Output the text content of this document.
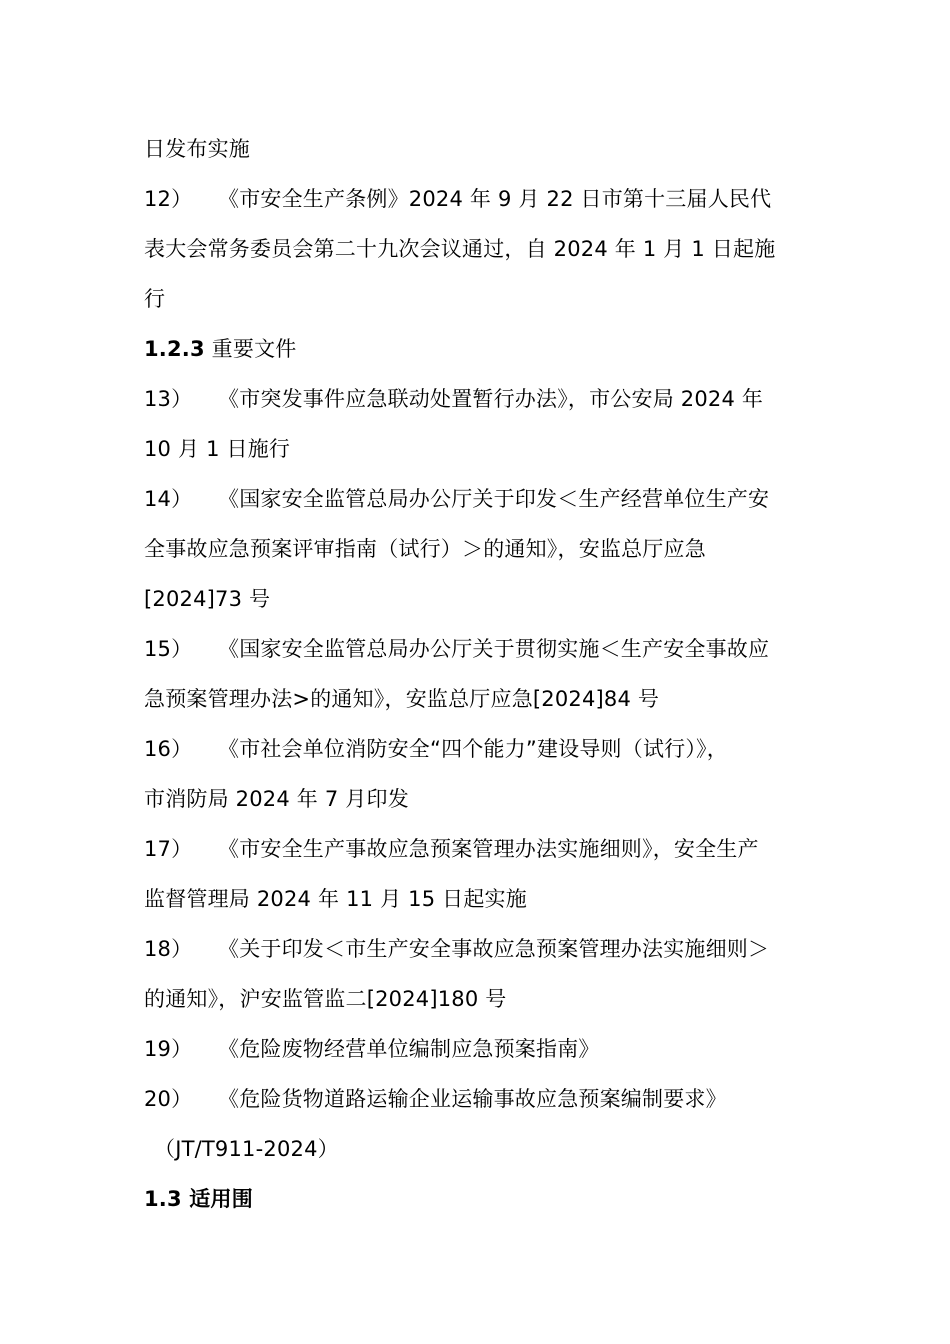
日发布实施
12） 《市安全生产条例》2024 年 9 月 22 日市第十三届人民代
表大会常务委员会第二十九次会议通过，自 2024 年 1 月 1 日起施
行
1.2.3 重要文件
13） 《市突发事件应急联动处置暂行办法》，市公安局 2024 年
10 月 1 日施行
14） 《国家安全监管总局办公厅关于印发＜生产经营单位生产安
全事故应急预案评审指南（试行）＞的通知》，安监总厅应急
[2024]73 号
15） 《国家安全监管总局办公厅关于贯彻实施＜生产安全事故应
急预案管理办法>的通知》，安监总厅应急[2024]84 号
16） 《市社会单位消防安全“四个能力”建设导则（试行）》，
市消防局 2024 年 7 月印发
17） 《市安全生产事故应急预案管理办法实施细则》，安全生产
监督管理局 2024 年 11 月 15 日起实施
18） 《关于印发＜市生产安全事故应急预案管理办法实施细则＞
的通知》，沪安监管监二[2024]180 号
19） 《危险废物经营单位编制应急预案指南》
20） 《危险货物道路运输企业运输事故应急预案编制要求》
（JT/T911-2024）
1.3 适用围
